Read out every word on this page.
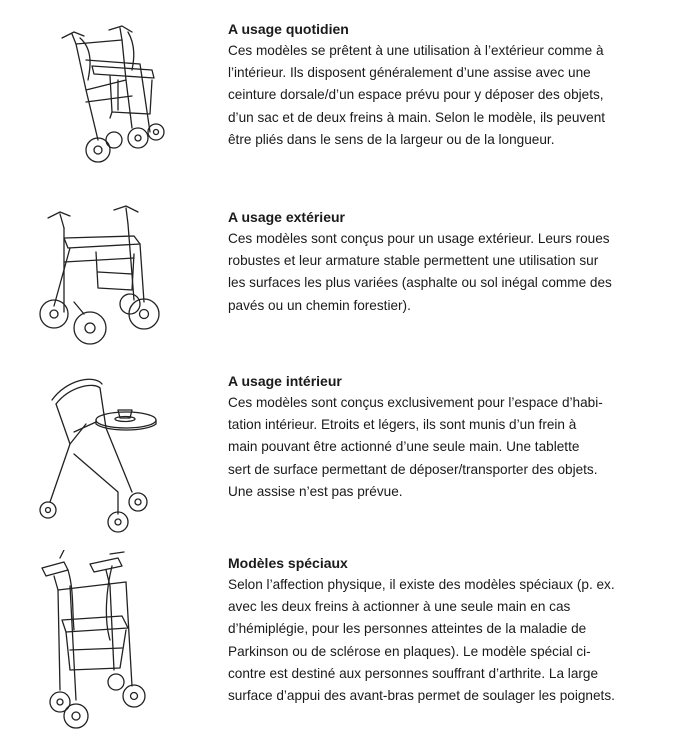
A usage quotidien

Ces modèles se prêtent à une utilisation à l’extérieur comme à
l’intérieur. Ils disposent généralement d’une assise avec une
ceinture dorsale/d’un espace prévu pour y déposer des objets,
d’un sac et de deux freins à main. Selon le modèle, ils peuvent
être pliés dans le sens de la largeur ou de la longueur.

A usage extérieur

Ces modèles sont conçus pour un usage extérieur. Leurs roues
robustes et leur armature stable permettent une utilisation sur
les surfaces les plus variées (asphalte ou sol inégal comme des
pavés ou un chemin forestier).

A usage intérieur

Ces modèles sont conçus exclusivement pour l’espace d’habi-
tation intérieur. Etroits et légers, ils sont munis d’un frein à
main pouvant être actionné d’une seule main. Une tablette
sert de surface permettant de déposer/transporter des objets.
Une assise n’est pas prévue.

Modèles spéciaux

Selon l’affection physique, il existe des modèles spéciaux (p. ex.
avec les deux freins à actionner à une seule main en cas
d’hémiplégie, pour les personnes atteintes de la maladie de
Parkinson ou de sclérose en plaques). Le modèle spécial ci-
contre est destiné aux personnes souffrant d’arthrite. La large
surface d’appui des avant-bras permet de soulager les poignets.
